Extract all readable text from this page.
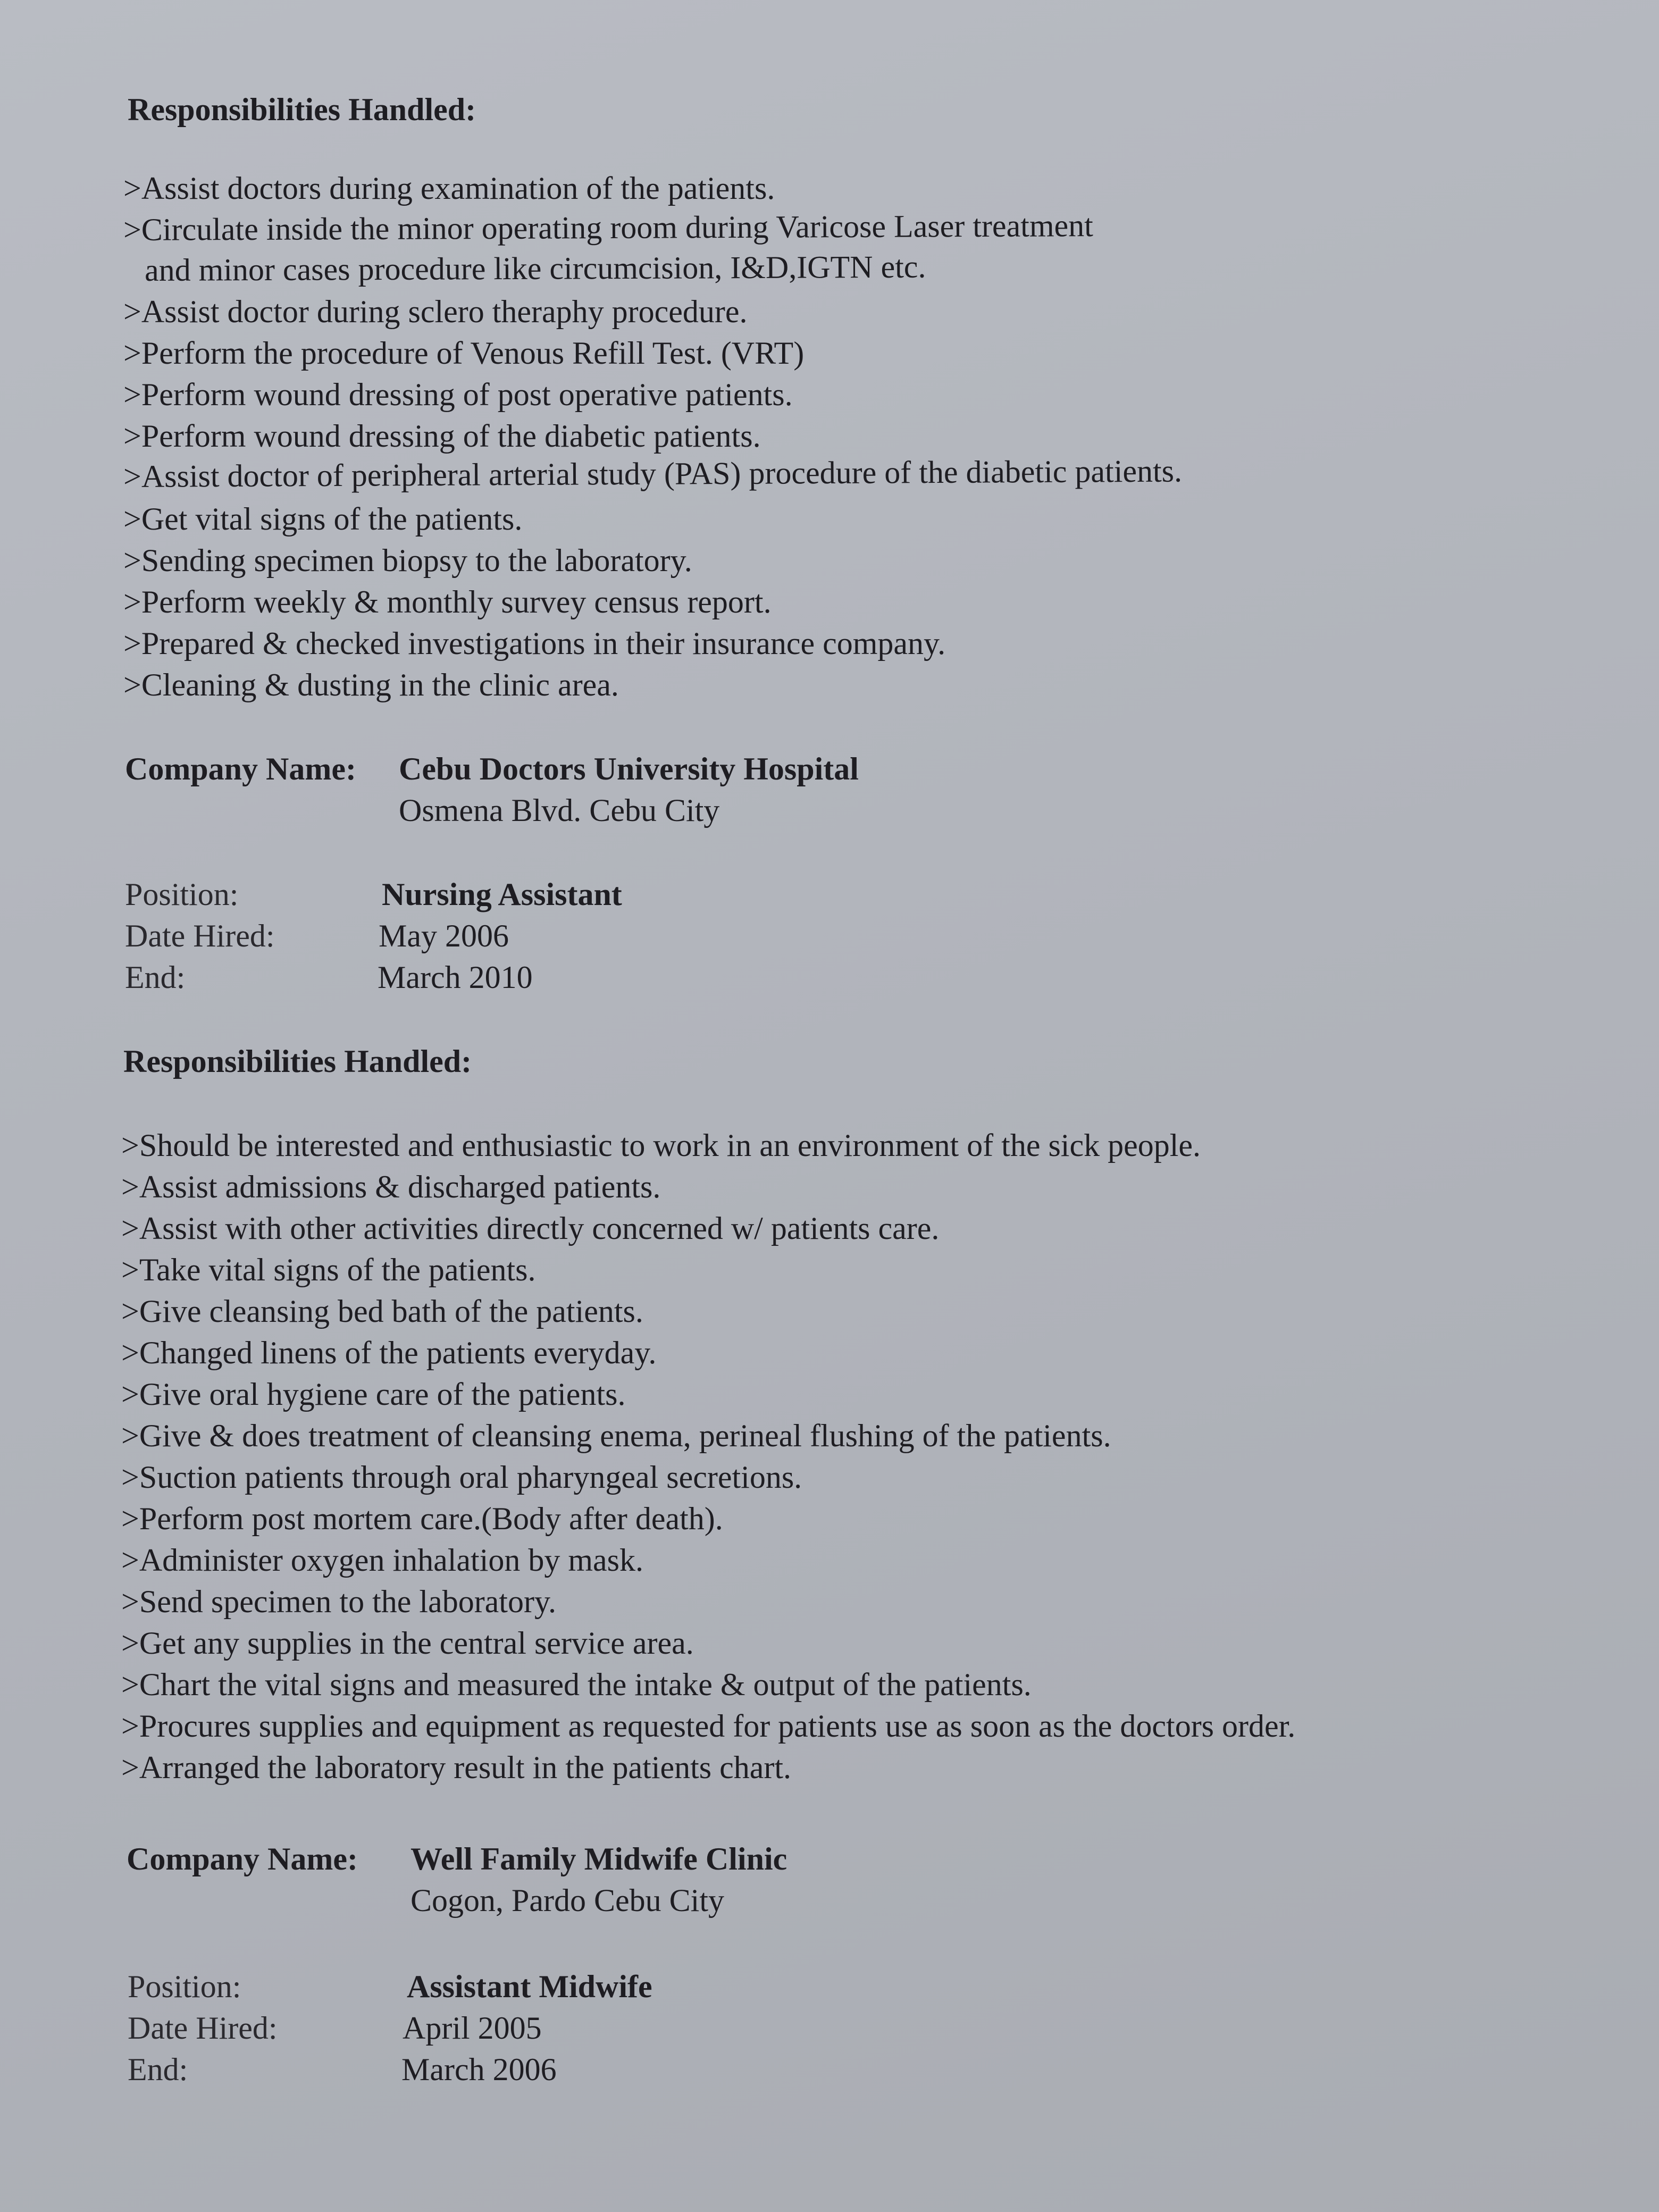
Responsibilities Handled:
>Assist doctors during examination of the patients.
>Circulate inside the minor operating room during Varicose Laser treatment
and minor cases procedure like circumcision, I&D,IGTN etc.
>Assist doctor during sclero theraphy procedure.
>Perform the procedure of Venous Refill Test. (VRT)
>Perform wound dressing of post operative patients.
>Perform wound dressing of the diabetic patients.
>Assist doctor of peripheral arterial study (PAS) procedure of the diabetic patients.
>Get vital signs of the patients.
>Sending specimen biopsy to the laboratory.
>Perform weekly & monthly survey census report.
>Prepared & checked investigations in their insurance company.
>Cleaning & dusting in the clinic area.
Company Name: Cebu Doctors University Hospital
Osmena Blvd. Cebu City
Position:	Nursing Assistant
Date Hired:	May 2006
End:	March 2010
Responsibilities Handled:
>Should be interested and enthusiastic to work in an environment of the sick people.
>Assist admissions & discharged patients.
>Assist with other activities directly concerned w/ patients care.
>Take vital signs of the patients.
>Give cleansing bed bath of the patients.
>Changed linens of the patients everyday.
>Give oral hygiene care of the patients.
>Give & does treatment of cleansing enema, perineal flushing of the patients.
>Suction patients through oral pharyngeal secretions.
>Perform post mortem care.(Body after death).
>Administer oxygen inhalation by mask.
>Send specimen to the laboratory.
>Get any supplies in the central service area.
>Chart the vital signs and measured the intake & output of the patients.
>Procures supplies and equipment as requested for patients use as soon as the doctors order.
>Arranged the laboratory result in the patients chart.
Company Name: Well Family Midwife Clinic
Cogon, Pardo Cebu City
Position:	Assistant Midwife
Date Hired:	April 2005
End:	March 2006
